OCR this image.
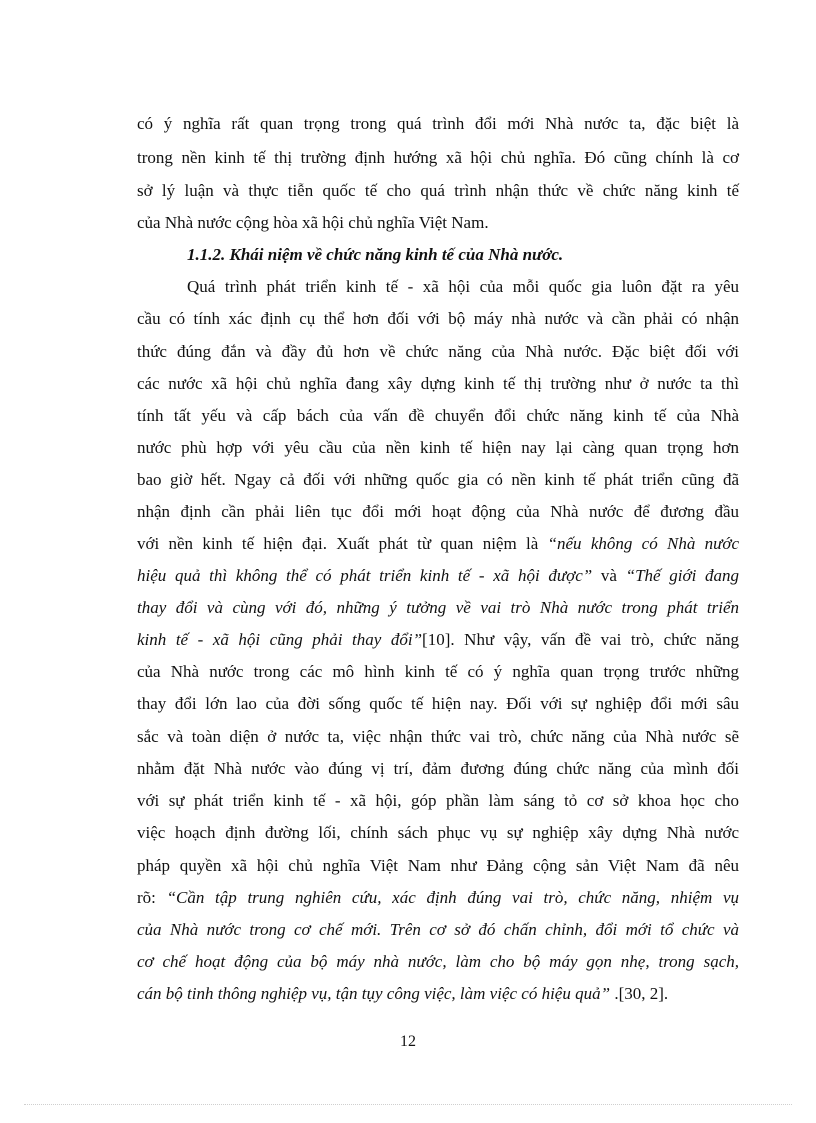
có ý nghĩa rất quan trọng trong quá trình đổi mới Nhà nước ta, đặc biệt là
trong nền kinh tế thị trường định hướng xã hội chủ nghĩa. Đó cũng chính là cơ
sở lý luận và thực tiễn quốc tế cho quá trình nhận thức về chức năng kinh tế
của Nhà nước cộng hòa xã hội chủ nghĩa Việt Nam.
1.1.2. Khái niệm về chức năng kinh tế của Nhà nước.
Quá trình phát triển kinh tế - xã hội của mỗi quốc gia luôn đặt ra yêu
cầu có tính xác định cụ thể hơn đối với bộ máy nhà nước và cần phải có nhận
thức đúng đắn và đầy đủ hơn về chức năng của Nhà nước. Đặc biệt đối với
các nước xã hội chủ nghĩa đang xây dựng kinh tế thị trường như ở nước ta thì
tính tất yếu và cấp bách của vấn đề chuyển đổi chức năng kinh tế của Nhà
nước phù hợp với yêu cầu của nền kinh tế hiện nay lại càng quan trọng hơn
bao giờ hết. Ngay cả đối với những quốc gia có nền kinh tế phát triển cũng đã
nhận định cần phải liên tục đổi mới hoạt động của Nhà nước để đương đầu
với nền kinh tế hiện đại. Xuất phát từ quan niệm là “nếu không có Nhà nước
hiệu quả thì không thể có phát triển kinh tế - xã hội được” và “Thế giới đang
thay đổi và cùng với đó, những ý tưởng về vai trò Nhà nước trong phát triển
kinh tế - xã hội cũng phải thay đổi”[10]. Như vậy, vấn đề vai trò, chức năng
của Nhà nước trong các mô hình kinh tế có ý nghĩa quan trọng trước những
thay đổi lớn lao của đời sống quốc tế hiện nay. Đối với sự nghiệp đổi mới sâu
sắc và toàn diện ở nước ta, việc nhận thức vai trò, chức năng của Nhà nước sẽ
nhằm đặt Nhà nước vào đúng vị trí, đảm đương đúng chức năng của mình đối
với sự phát triển kinh tế - xã hội, góp phần làm sáng tỏ cơ sở khoa học cho
việc hoạch định đường lối, chính sách phục vụ sự nghiệp xây dựng Nhà nước
pháp quyền xã hội chủ nghĩa Việt Nam như Đảng cộng sản Việt Nam đã nêu
rõ: “Cần tập trung nghiên cứu, xác định đúng vai trò, chức năng, nhiệm vụ
của Nhà nước trong cơ chế mới. Trên cơ sở đó chấn chỉnh, đổi mới tổ chức và
cơ chế hoạt động của bộ máy nhà nước, làm cho bộ máy gọn nhẹ, trong sạch,
cán bộ tinh thông nghiệp vụ, tận tụy công việc, làm việc có hiệu quả” .[30, 2].
12
